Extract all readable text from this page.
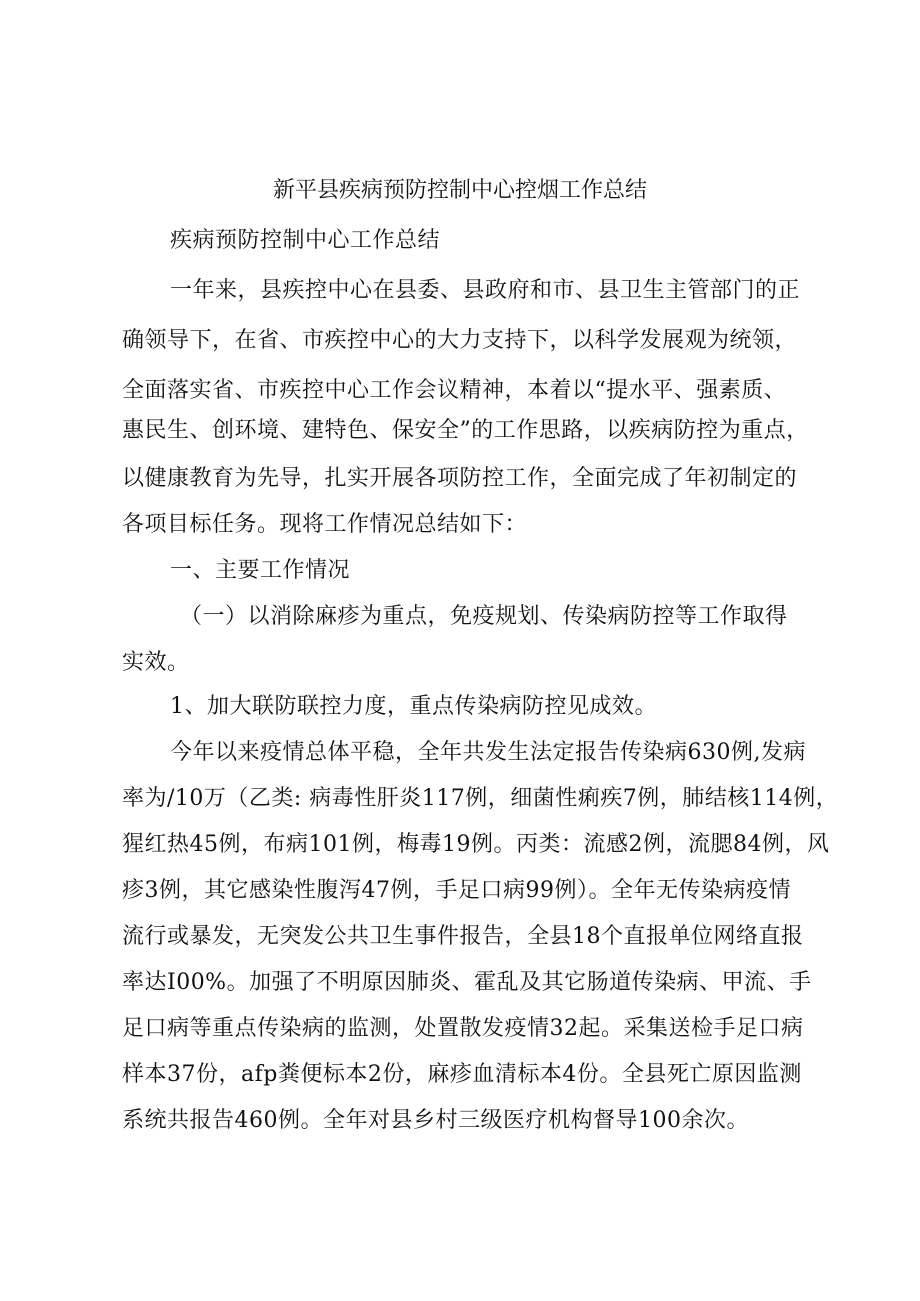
新平县疾病预防控制中心控烟工作总结
疾病预防控制中心工作总结
一年来，县疾控中心在县委、县政府和市、县卫生主管部门的正
确领导下，在省、市疾控中心的大力支持下，以科学发展观为统领，
全面落实省、市疾控中心工作会议精神，本着以“提水平、强素质、
惠民生、创环境、建特色、保安全”的工作思路，以疾病防控为重点，
以健康教育为先导，扎实开展各项防控工作，全面完成了年初制定的
各项目标任务。现将工作情况总结如下：
一、主要工作情况
（一）以消除麻疹为重点，免疫规划、传染病防控等工作取得
实效。
1、加大联防联控力度，重点传染病防控见成效。
今年以来疫情总体平稳，全年共发生法定报告传染病630例,发病
率为/10万（乙类: 病毒性肝炎117例，细菌性痢疾7例，肺结核114例，
猩红热45例，布病101例，梅毒19例。丙类：流感2例，流腮84例，风
疹3例，其它感染性腹泻47例，手足口病99例）。全年无传染病疫情
流行或暴发，无突发公共卫生事件报告，全县18个直报单位网络直报
率达I00%。加强了不明原因肺炎、霍乱及其它肠道传染病、甲流、手
足口病等重点传染病的监测，处置散发疫情32起。采集送检手足口病
样本37份，afp粪便标本2份，麻疹血清标本4份。全县死亡原因监测
系统共报告460例。全年对县乡村三级医疗机构督导100余次。
